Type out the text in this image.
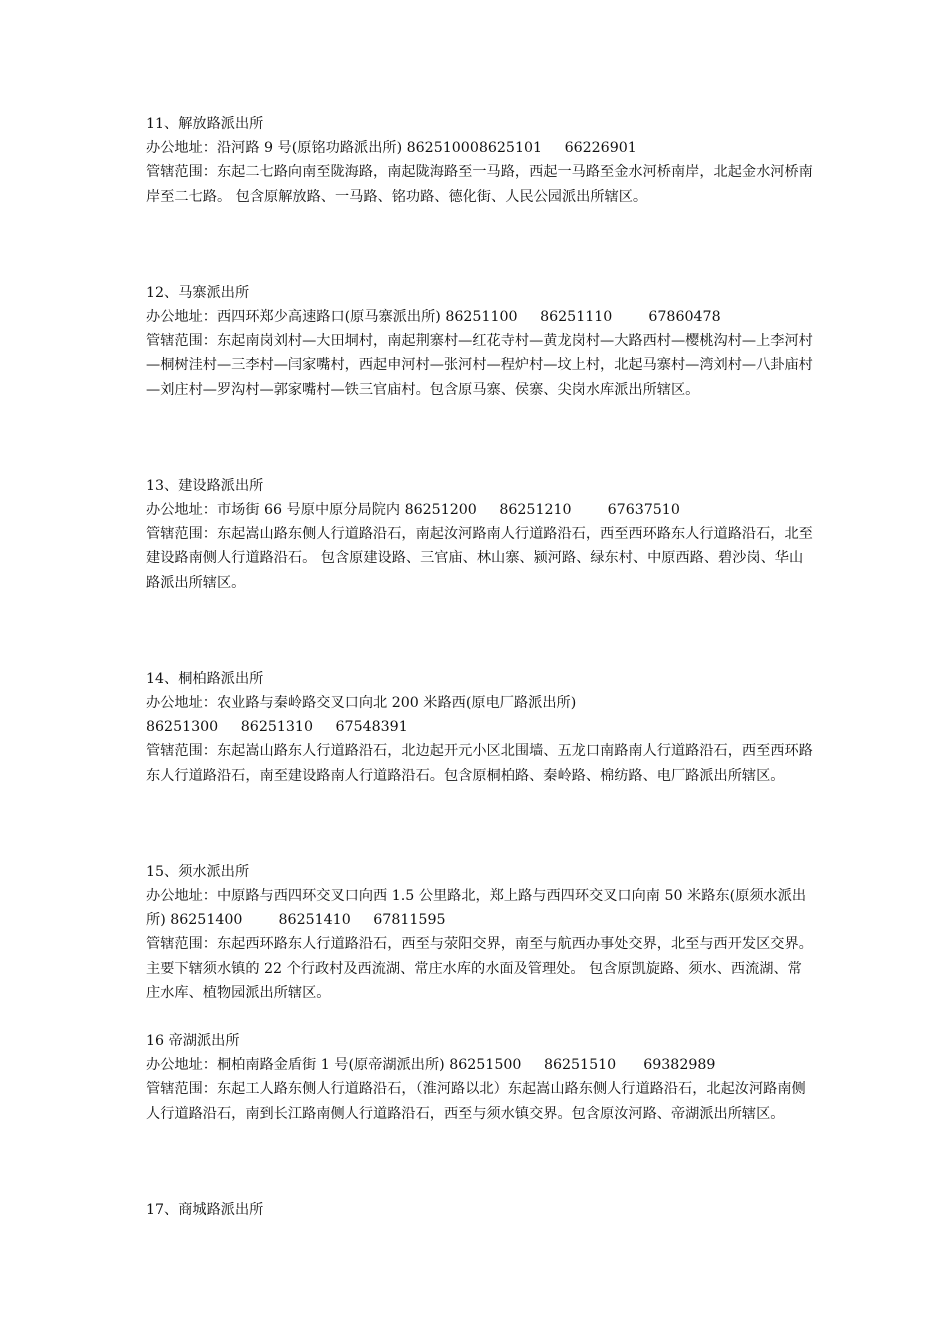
11、解放路派出所

办公地址：沿河路 9 号(原铭功路派出所) 862510008625101     66226901

管辖范围：东起二七路向南至陇海路，南起陇海路至一马路，西起一马路至金水河桥南岸，北起金水河桥南岸至二七路。 包含原解放路、一马路、铭功路、德化街、人民公园派出所辖区。

12、马寨派出所

办公地址：西四环郑少高速路口(原马寨派出所) 86251100     86251110        67860478

管辖范围：东起南岗刘村—大田垌村，南起荆寨村—红花寺村—黄龙岗村—大路西村—樱桃沟村—上李河村—桐树洼村—三李村—闫家嘴村，西起申河村—张河村—程炉村—坟上村，北起马寨村—湾刘村—八卦庙村—刘庄村—罗沟村—郭家嘴村—铁三官庙村。包含原马寨、侯寨、尖岗水库派出所辖区。

13、建设路派出所

办公地址：市场街 66 号原中原分局院内 86251200     86251210        67637510

管辖范围：东起嵩山路东侧人行道路沿石，南起汝河路南人行道路沿石，西至西环路东人行道路沿石，北至建设路南侧人行道路沿石。 包含原建设路、三官庙、林山寨、颍河路、绿东村、中原西路、碧沙岗、华山路派出所辖区。

14、桐柏路派出所

办公地址：农业路与秦岭路交叉口向北 200 米路西(原电厂路派出所)

86251300     86251310     67548391

管辖范围：东起嵩山路东人行道路沿石，北边起开元小区北围墙、五龙口南路南人行道路沿石，西至西环路东人行道路沿石，南至建设路南人行道路沿石。包含原桐柏路、秦岭路、棉纺路、电厂路派出所辖区。

15、须水派出所

办公地址：中原路与西四环交叉口向西 1.5 公里路北，郑上路与西四环交叉口向南 50 米路东(原须水派出所) 86251400        86251410     67811595

管辖范围：东起西环路东人行道路沿石，西至与荥阳交界，南至与航西办事处交界，北至与西开发区交界。主要下辖须水镇的 22 个行政村及西流湖、常庄水库的水面及管理处。 包含原凯旋路、须水、西流湖、常庄水库、植物园派出所辖区。

16 帝湖派出所

办公地址：桐柏南路金盾街 1 号(原帝湖派出所) 86251500     86251510      69382989

管辖范围：东起工人路东侧人行道路沿石，（淮河路以北）东起嵩山路东侧人行道路沿石，北起汝河路南侧人行道路沿石，南到长江路南侧人行道路沿石，西至与须水镇交界。包含原汝河路、帝湖派出所辖区。

17、商城路派出所
